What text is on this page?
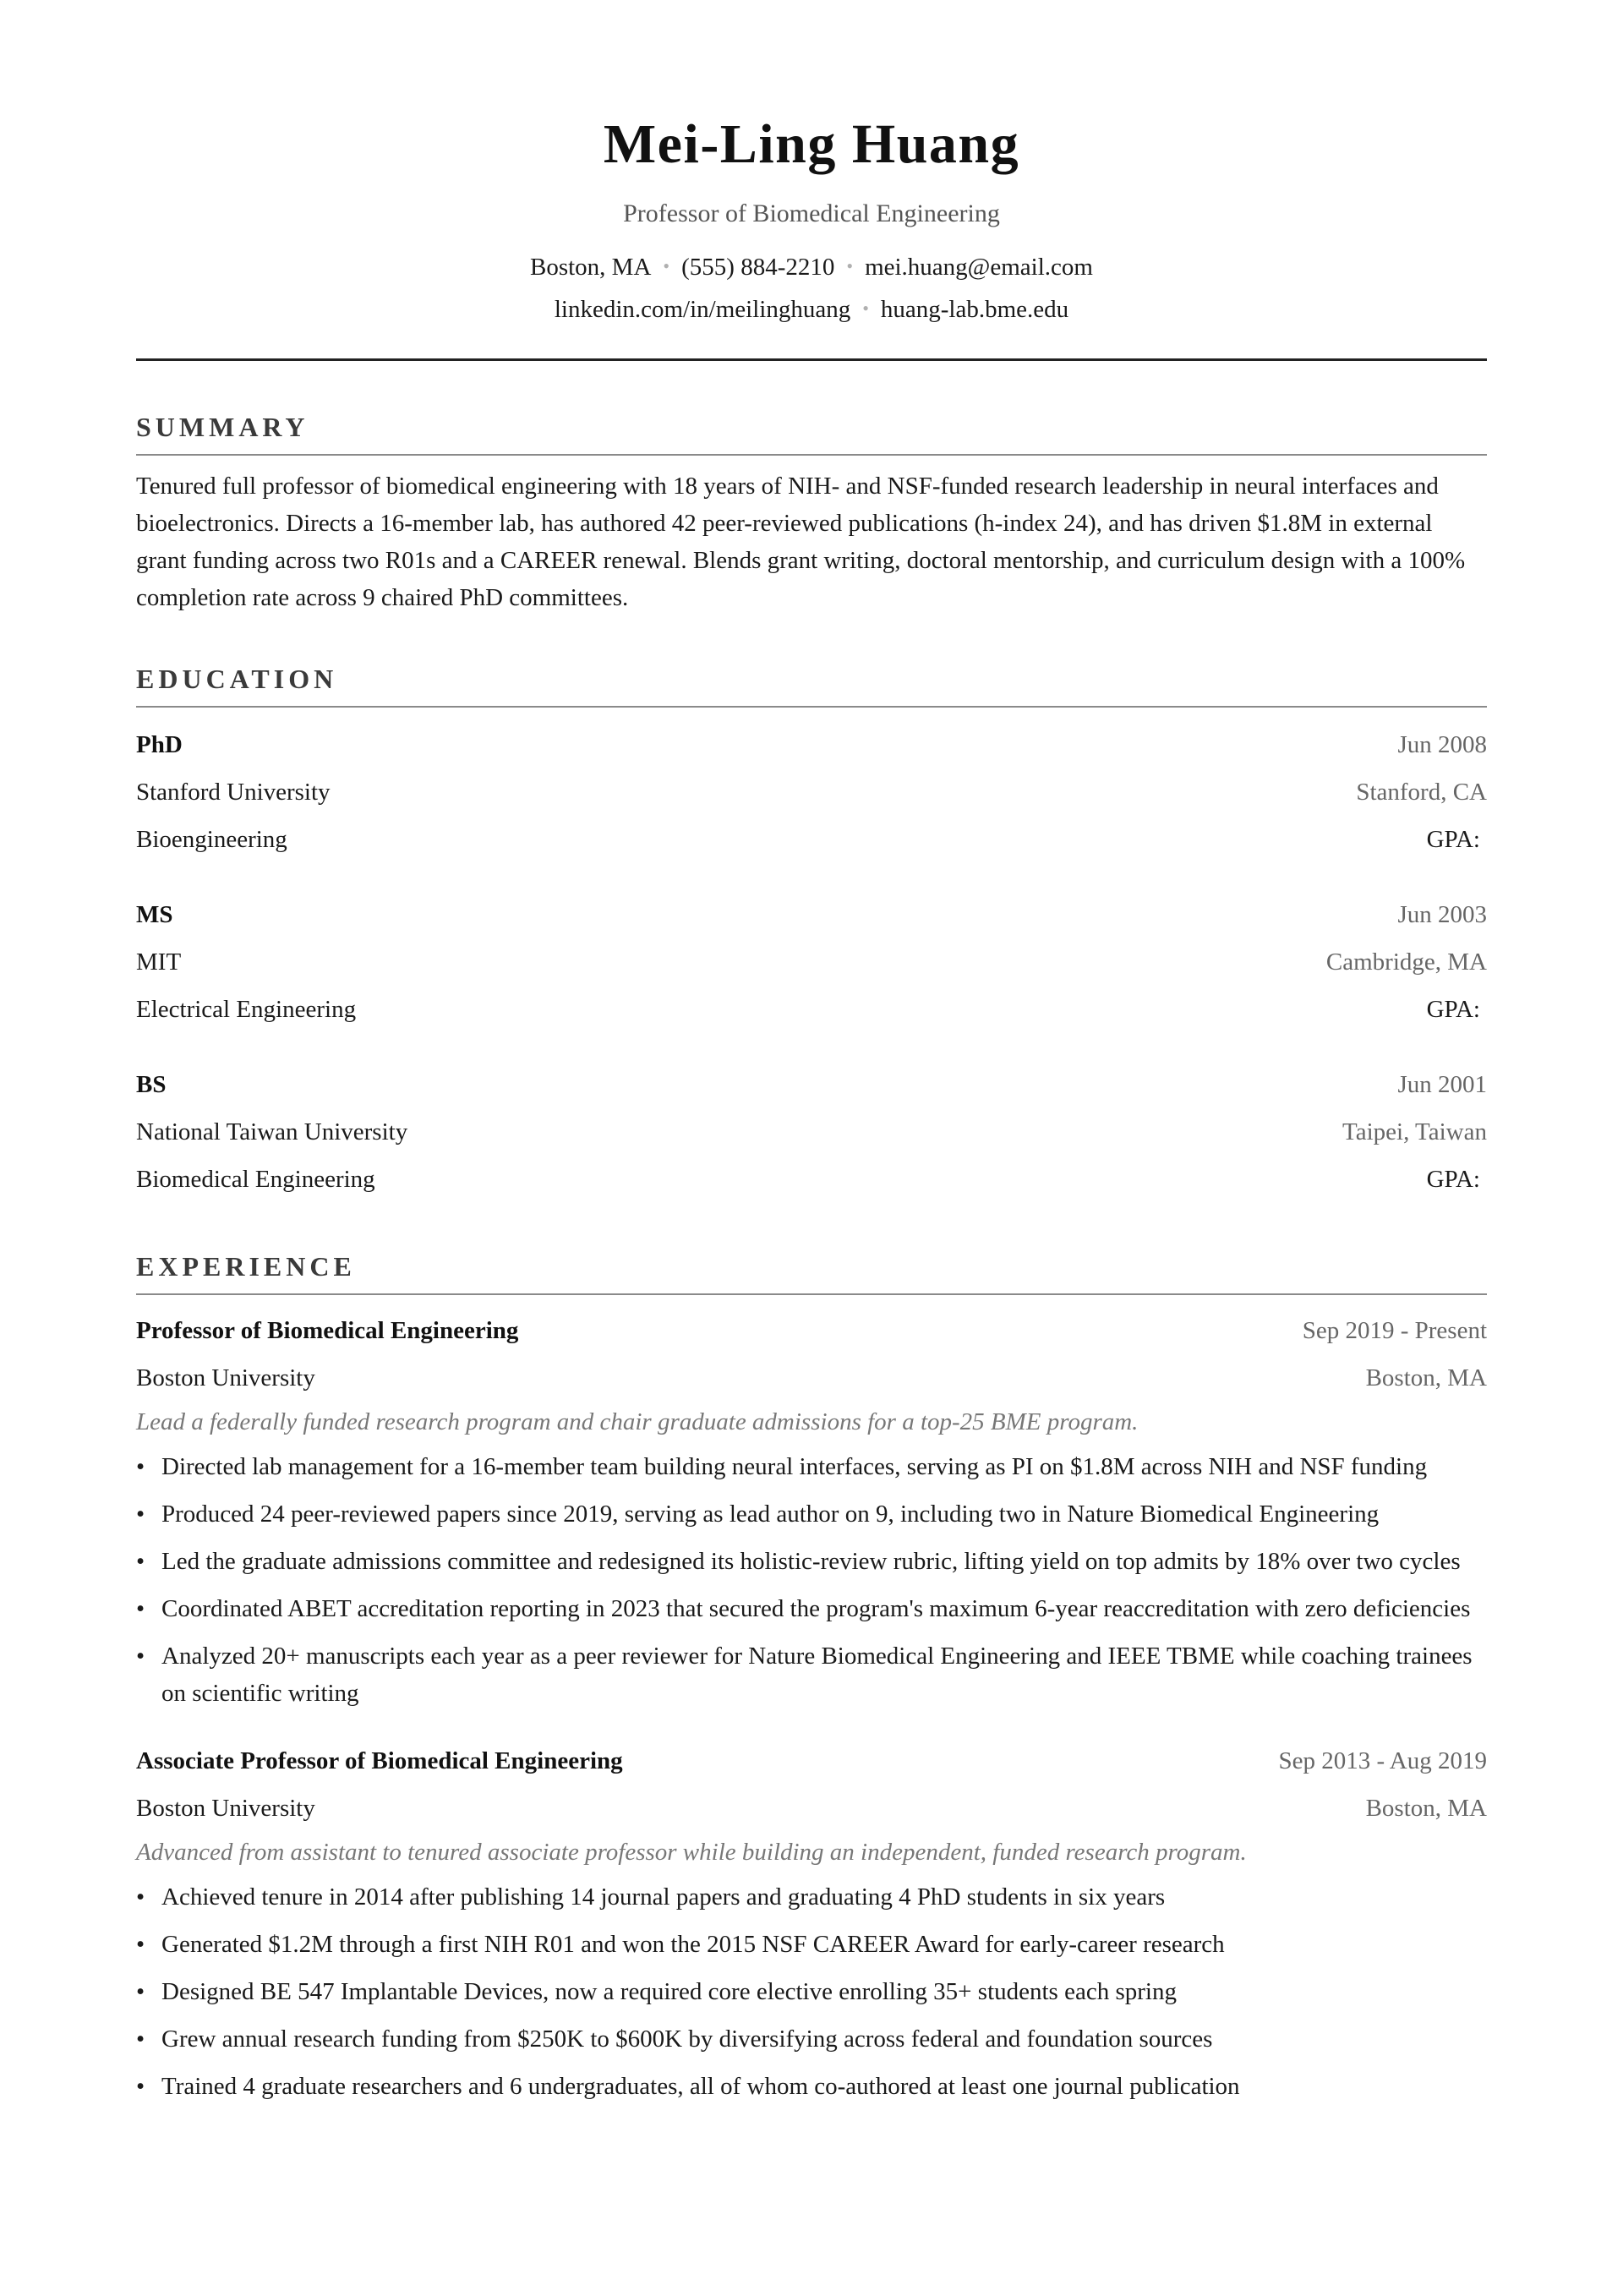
Mei-Ling Huang
Professor of Biomedical Engineering
Boston, MA • (555) 884-2210 • mei.huang@email.com
linkedin.com/in/meilinghuang • huang-lab.bme.edu
SUMMARY
Tenured full professor of biomedical engineering with 18 years of NIH- and NSF-funded research leadership in neural interfaces and bioelectronics. Directs a 16-member lab, has authored 42 peer-reviewed publications (h-index 24), and has driven $1.8M in external grant funding across two R01s and a CAREER renewal. Blends grant writing, doctoral mentorship, and curriculum design with a 100% completion rate across 9 chaired PhD committees.
EDUCATION
PhD	Jun 2008
Stanford University	Stanford, CA
Bioengineering	GPA:
MS	Jun 2003
MIT	Cambridge, MA
Electrical Engineering	GPA:
BS	Jun 2001
National Taiwan University	Taipei, Taiwan
Biomedical Engineering	GPA:
EXPERIENCE
Professor of Biomedical Engineering	Sep 2019 - Present
Boston University	Boston, MA
Lead a federally funded research program and chair graduate admissions for a top-25 BME program.
• Directed lab management for a 16-member team building neural interfaces, serving as PI on $1.8M across NIH and NSF funding
• Produced 24 peer-reviewed papers since 2019, serving as lead author on 9, including two in Nature Biomedical Engineering
• Led the graduate admissions committee and redesigned its holistic-review rubric, lifting yield on top admits by 18% over two cycles
• Coordinated ABET accreditation reporting in 2023 that secured the program's maximum 6-year reaccreditation with zero deficiencies
• Analyzed 20+ manuscripts each year as a peer reviewer for Nature Biomedical Engineering and IEEE TBME while coaching trainees on scientific writing
Associate Professor of Biomedical Engineering	Sep 2013 - Aug 2019
Boston University	Boston, MA
Advanced from assistant to tenured associate professor while building an independent, funded research program.
• Achieved tenure in 2014 after publishing 14 journal papers and graduating 4 PhD students in six years
• Generated $1.2M through a first NIH R01 and won the 2015 NSF CAREER Award for early-career research
• Designed BE 547 Implantable Devices, now a required core elective enrolling 35+ students each spring
• Grew annual research funding from $250K to $600K by diversifying across federal and foundation sources
• Trained 4 graduate researchers and 6 undergraduates, all of whom co-authored at least one journal publication
